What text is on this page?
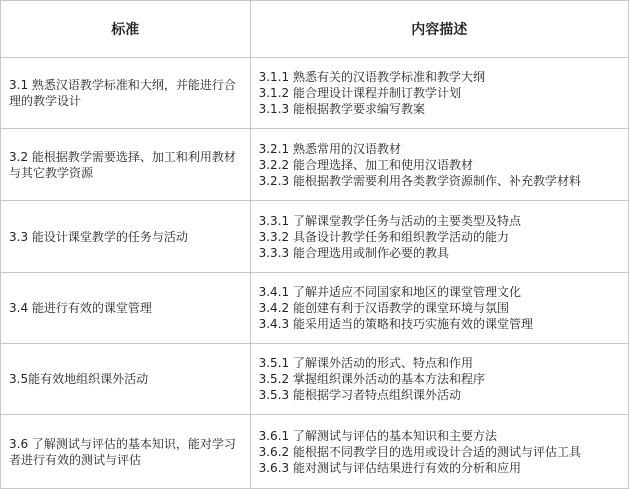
标准	内容描述
3.1 熟悉汉语教学标准和大纲，并能进行合理的教学设计
3.1.1 熟悉有关的汉语教学标准和教学大纲
3.1.2 能合理设计课程并制订教学计划
3.1.3 能根据教学要求编写教案
3.2 能根据教学需要选择、加工和利用教材与其它教学资源
3.2.1 熟悉常用的汉语教材
3.2.2 能合理选择、加工和使用汉语教材
3.2.3 能根据教学需要利用各类教学资源制作、补充教学材料
3.3 能设计课堂教学的任务与活动
3.3.1 了解课堂教学任务与活动的主要类型及特点
3.3.2 具备设计教学任务和组织教学活动的能力
3.3.3 能合理选用或制作必要的教具
3.4 能进行有效的课堂管理
3.4.1 了解并适应不同国家和地区的课堂管理文化
3.4.2 能创建有利于汉语教学的课堂环境与氛围
3.4.3 能采用适当的策略和技巧实施有效的课堂管理
3.5能有效地组织课外活动
3.5.1 了解课外活动的形式、特点和作用
3.5.2 掌握组织课外活动的基本方法和程序
3.5.3 能根据学习者特点组织课外活动
3.6 了解测试与评估的基本知识，能对学习者进行有效的测试与评估
3.6.1 了解测试与评估的基本知识和主要方法
3.6.2 能根据不同教学目的选用或设计合适的测试与评估工具
3.6.3 能对测试与评估结果进行有效的分析和应用
